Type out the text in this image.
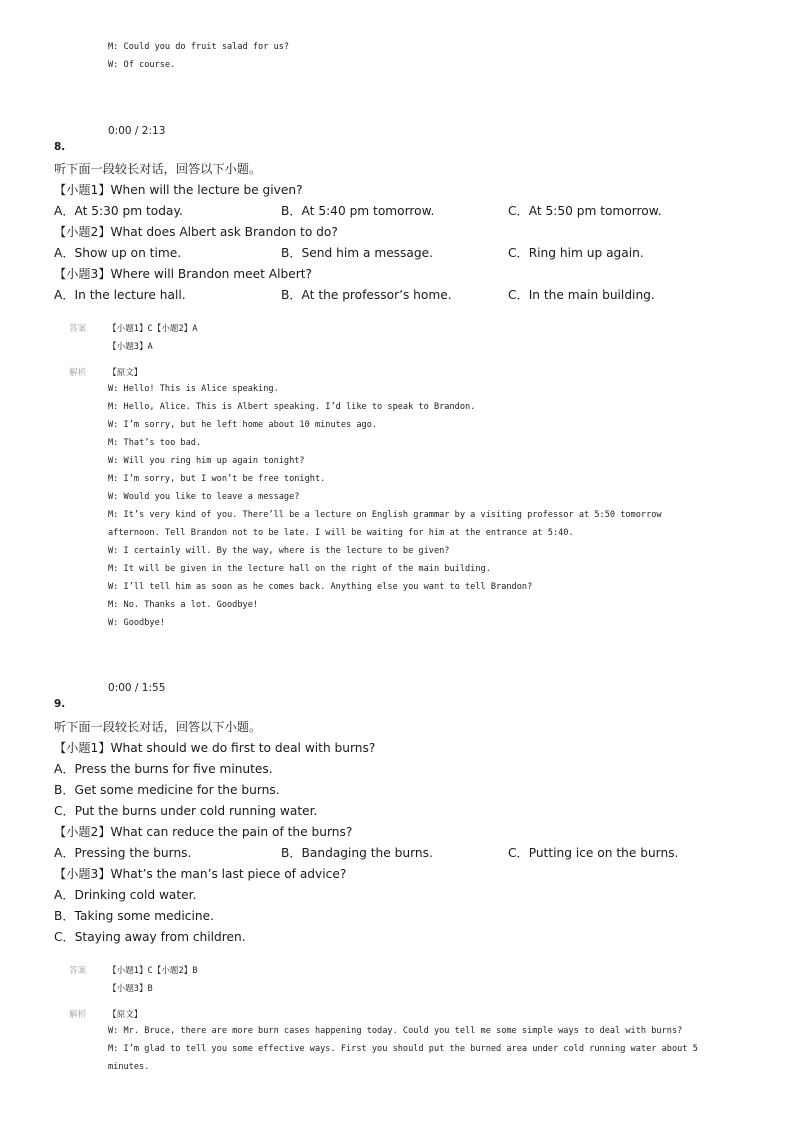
M: Could you do fruit salad for us?
W: Of course.
0:00 / 2:13
8.
听下面一段较长对话，回答以下小题。
【小题1】When will the lecture be given?
A．At 5:30 pm today.	B．At 5:40 pm tomorrow.	C．At 5:50 pm tomorrow.
【小题2】What does Albert ask Brandon to do?
A．Show up on time.	B．Send him a message.	C．Ring him up again.
【小题3】Where will Brandon meet Albert?
A．In the lecture hall.	B．At the professor’s home.	C．In the main building.
答案	【小题1】C【小题2】A
【小题3】A
解析	【原文】
W: Hello! This is Alice speaking.
M: Hello, Alice. This is Albert speaking. I’d like to speak to Brandon.
W: I’m sorry, but he left home about 10 minutes ago.
M: That’s too bad.
W: Will you ring him up again tonight?
M: I’m sorry, but I won’t be free tonight.
W: Would you like to leave a message?
M: It’s very kind of you. There’ll be a lecture on English grammar by a visiting professor at 5:50 tomorrow
afternoon. Tell Brandon not to be late. I will be waiting for him at the entrance at 5:40.
W: I certainly will. By the way, where is the lecture to be given?
M: It will be given in the lecture hall on the right of the main building.
W: I’ll tell him as soon as he comes back. Anything else you want to tell Brandon?
M: No. Thanks a lot. Goodbye!
W: Goodbye!
0:00 / 1:55
9.
听下面一段较长对话，回答以下小题。
【小题1】What should we do first to deal with burns?
A．Press the burns for five minutes.
B．Get some medicine for the burns.
C．Put the burns under cold running water.
【小题2】What can reduce the pain of the burns?
A．Pressing the burns.	B．Bandaging the burns.	C．Putting ice on the burns.
【小题3】What’s the man’s last piece of advice?
A．Drinking cold water.
B．Taking some medicine.
C．Staying away from children.
答案	【小题1】C【小题2】B
【小题3】B
解析	【原文】
W: Mr. Bruce, there are more burn cases happening today. Could you tell me some simple ways to deal with burns?
M: I’m glad to tell you some effective ways. First you should put the burned area under cold running water about 5
minutes.
